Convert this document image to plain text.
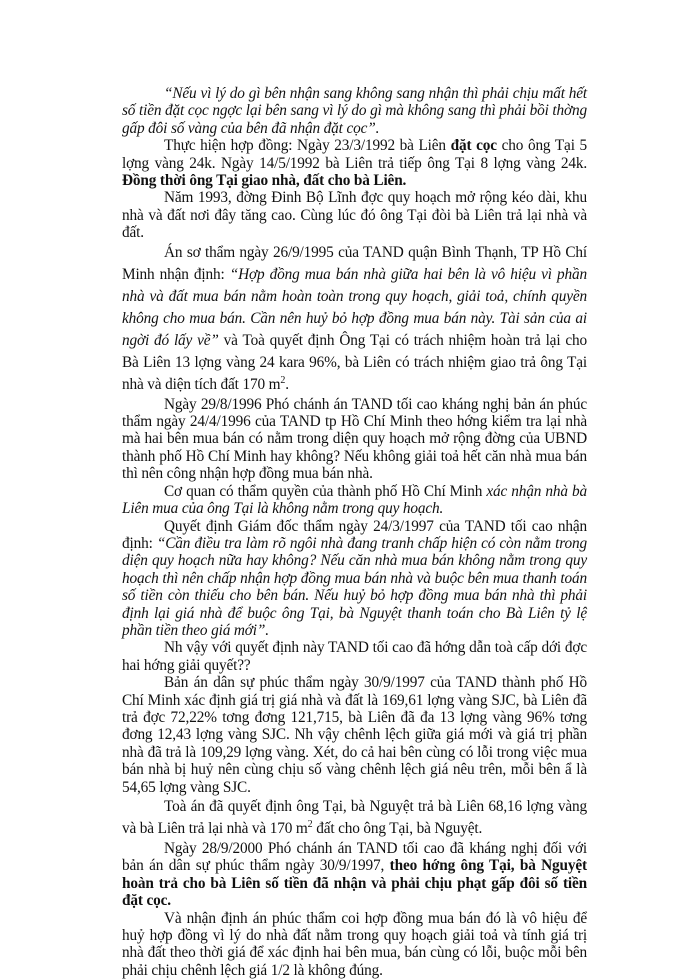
“Nếu vì lý do gì bên nhận sang không sang nhận thì phải chịu mất hết số tiền đặt cọc ngợc lại bên sang vì lý do gì mà không sang thì phải bồi thờng gấp đôi số vàng của bên đã nhận đặt cọc”.

Thực hiện hợp đồng: Ngày 23/3/1992 bà Liên đặt cọc cho ông Tại 5 lợng vàng 24k. Ngày 14/5/1992 bà Liên trả tiếp ông Tại 8 lợng vàng 24k. Đồng thời ông Tại giao nhà, đất cho bà Liên.

Năm 1993, đờng Đinh Bộ Lĩnh đợc quy hoạch mở rộng kéo dài, khu nhà và đất nơi đây tăng cao. Cùng lúc đó ông Tại đòi bà Liên trả lại nhà và đất.

Án sơ thẩm ngày 26/9/1995 của TAND quận Bình Thạnh, TP Hồ Chí Minh nhận định: “Hợp đồng mua bán nhà giữa hai bên là vô hiệu vì phần nhà và đất mua bán nằm hoàn toàn trong quy hoạch, giải toả, chính quyền không cho mua bán. Cần nên huỷ bỏ hợp đồng mua bán này. Tài sản của ai ngời đó lấy về” và Toà quyết định Ông Tại có trách nhiệm hoàn trả lại cho Bà Liên 13 lợng vàng 24 kara 96%, bà Liên có trách nhiệm giao trả ông Tại nhà và diện tích đất 170 $m^2$.

Ngày 29/8/1996 Phó chánh án TAND tối cao kháng nghị bản án phúc thẩm ngày 24/4/1996 của TAND tp Hồ Chí Minh theo hớng kiểm tra lại nhà mà hai bên mua bán có nằm trong diện quy hoạch mở rộng đờng của UBND thành phố Hồ Chí Minh hay không? Nếu không giải toả hết căn nhà mua bán thì nên công nhận hợp đồng mua bán nhà.

Cơ quan có thẩm quyền của thành phố Hồ Chí Minh xác nhận nhà bà Liên mua của ông Tại là không nằm trong quy hoạch.

Quyết định Giám đốc thẩm ngày 24/3/1997 của TAND tối cao nhận định: “Cần điều tra làm rõ ngôi nhà đang tranh chấp hiện có còn nằm trong diện quy hoạch nữa hay không? Nếu căn nhà mua bán không nằm trong quy hoạch thì nên chấp nhận hợp đồng mua bán nhà và buộc bên mua thanh toán số tiền còn thiếu cho bên bán. Nếu huỷ bỏ hợp đồng mua bán nhà thì phải định lại giá nhà để buộc ông Tại, bà Nguyệt thanh toán cho Bà Liên tỷ lệ phần tiền theo giá mới”.

Nh vậy với quyết định này TAND tối cao đã hớng dẫn toà cấp dới đợc hai hớng giải quyết??

Bản án dân sự phúc thẩm ngày 30/9/1997 của TAND thành phố Hồ Chí Minh xác định giá trị giá nhà và đất là 169,61 lợng vàng SJC, bà Liên đã trả đợc 72,22% tơng đơng 121,715, bà Liên đã đa 13 lợng vàng 96% tơng đơng 12,43 lợng vàng SJC. Nh vậy chênh lệch giữa giá mới và giá trị phần nhà đã trả là 109,29 lợng vàng. Xét, do cả hai bên cùng có lỗi trong việc mua bán nhà bị huỷ nên cùng chịu số vàng chênh lệch giá nêu trên, mỗi bên ẩ là 54,65 lợng vàng SJC.

Toà án đã quyết định ông Tại, bà Nguyệt trả bà Liên 68,16 lợng vàng và bà Liên trả lại nhà và 170 $m^2$ đất cho ông Tại, bà Nguyệt.

Ngày 28/9/2000 Phó chánh án TAND tối cao đã kháng nghị đối với bản án dân sự phúc thẩm ngày 30/9/1997, theo hớng ông Tại, bà Nguyệt hoàn trả cho bà Liên số tiền đã nhận và phải chịu phạt gấp đôi số tiền đặt cọc.

Và nhận định án phúc thẩm coi hợp đồng mua bán đó là vô hiệu để huỷ hợp đồng vì lý do nhà đất nằm trong quy hoạch giải toả và tính giá trị nhà đất theo thời giá để xác định hai bên mua, bán cùng có lỗi, buộc mỗi bên phải chịu chênh lệch giá 1/2 là không đúng.
